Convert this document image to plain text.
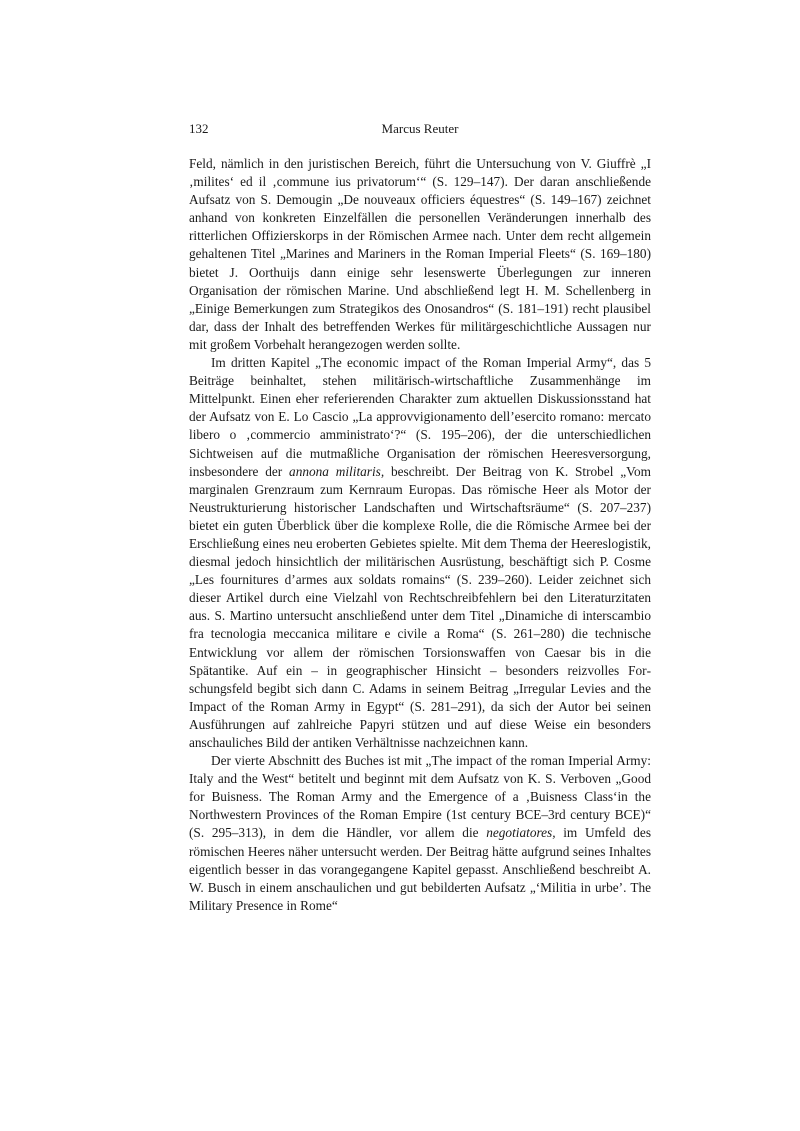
132	Marcus Reuter

Feld, nämlich in den juristischen Bereich, führt die Untersuchung von V. Giuffrè „I ‚milites‘ ed il ‚commune ius privatorum‘“ (S. 129–147). Der daran anschließende Aufsatz von S. Demougin „De nouveaux officiers équestres“ (S. 149–167) zeichnet anhand von konkreten Einzelfällen die personellen Veränderungen innerhalb des ritterlichen Offizierskorps in der Römischen Armee nach. Unter dem recht allgemein gehaltenen Titel „Marines and Mariners in the Roman Imperial Fleets“ (S. 169–180) bietet J. Oorthuijs dann einige sehr lesenswerte Überlegungen zur inneren Organisation der römischen Marine. Und abschließend legt H. M. Schellenberg in „Einige Bemerkungen zum Strategikos des Onosandros“ (S. 181–191) recht plausibel dar, dass der Inhalt des betreffenden Werkes für militärgeschichtliche Aussagen nur mit großem Vorbehalt herangezogen werden sollte.

Im dritten Kapitel „The economic impact of the Roman Imperial Army“, das 5 Beiträge beinhaltet, stehen militärisch-wirtschaftliche Zusammenhänge im Mittelpunkt. Einen eher referierenden Charakter zum aktuellen Diskussionsstand hat der Aufsatz von E. Lo Cascio „La approvvigionamento dell’esercito romano: mercato libero o ‚commercio amministrato‘?“ (S. 195–206), der die unterschiedlichen Sichtweisen auf die mutmaßliche Organisation der römischen Heeresversorgung, insbesondere der annona militaris, beschreibt. Der Beitrag von K. Strobel „Vom marginalen Grenzraum zum Kernraum Europas. Das römische Heer als Motor der Neustrukturierung historischer Landschaften und Wirtschaftsräume“ (S. 207–237) bietet ein guten Überblick über die komplexe Rolle, die die Römische Armee bei der Erschließung eines neu eroberten Gebietes spielte. Mit dem Thema der Heereslogistik, diesmal jedoch hinsichtlich der militärischen Ausrüstung, beschäftigt sich P. Cosme „Les fournitures d’armes aux soldats romains“ (S. 239–260). Leider zeichnet sich dieser Artikel durch eine Vielzahl von Rechtschreibfehlern bei den Literaturzitaten aus. S. Martino untersucht anschließend unter dem Titel „Dinamiche di interscambio fra tecnologia meccanica militare e civile a Roma“ (S. 261–280) die technische Entwicklung vor allem der römischen Torsionswaffen von Caesar bis in die Spätantike. Auf ein – in geographischer Hinsicht – besonders reizvolles Forschungsfeld begibt sich dann C. Adams in seinem Beitrag „Irregular Levies and the Impact of the Roman Army in Egypt“ (S. 281–291), da sich der Autor bei seinen Ausführungen auf zahlreiche Papyri stützen und auf diese Weise ein besonders anschauliches Bild der antiken Verhältnisse nachzeichnen kann.

Der vierte Abschnitt des Buches ist mit „The impact of the roman Imperial Army: Italy and the West“ betitelt und beginnt mit dem Aufsatz von K. S. Verboven „Good for Buisness. The Roman Army and the Emergence of a ‚Buisness Class‘in the Northwestern Provinces of the Roman Empire (1st century BCE–3rd century BCE)“ (S. 295–313), in dem die Händler, vor allem die negotiatores, im Umfeld des römischen Heeres näher untersucht werden. Der Beitrag hätte aufgrund seines Inhaltes eigentlich besser in das vorangegangene Kapitel gepasst. Anschließend beschreibt A. W. Busch in einem anschaulichen und gut bebilderten Aufsatz „‘Militia in urbe’. The Military Presence in Rome“
